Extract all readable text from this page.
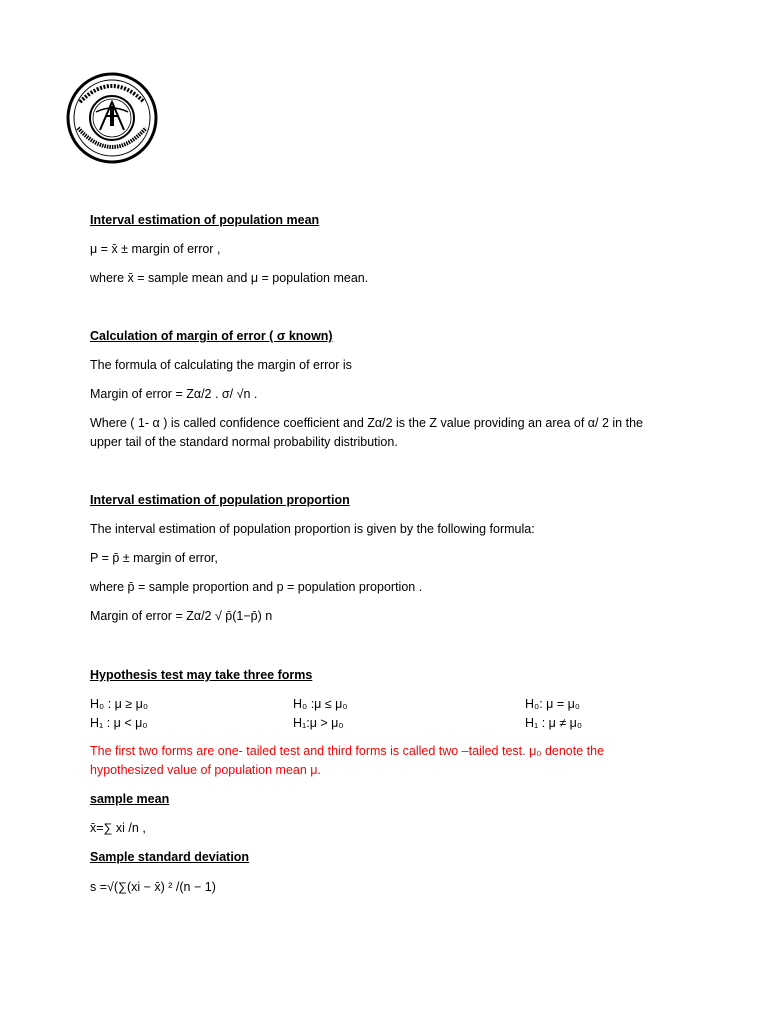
Interval estimation of population mean
μ = x̄ ± margin of error ,
where x̄ = sample mean and μ = population mean.
Calculation of margin of error ( σ known)
The formula of calculating the margin of error is
Margin of error = Zα/2 . σ/ √n .
Where ( 1- α ) is called confidence coefficient and Zα/2 is the Z value providing an area of α/ 2 in the
upper tail of the standard normal probability distribution.
Interval estimation of population proportion
The interval estimation of population proportion is given by the following formula:
P = p̄ ± margin of error,
where p̄ = sample proportion and p = population proportion .
Margin of error = Zα/2 √ p̄(1−p̄) n
Hypothesis test may take three forms
H₀ : μ ≥ μ₀
H₁ : μ < μ₀
H₀ :μ ≤ μ₀
H₁:μ > μ₀
H₀: μ = μ₀
H₁ : μ ≠ μ₀
The first two forms are one- tailed test and third forms is called two –tailed test. μ₀ denote the
hypothesized value of population mean μ.
sample mean
x̄=∑ xi /n ,
Sample standard deviation
s =√(∑(xi − x̄) ² /(n − 1)
